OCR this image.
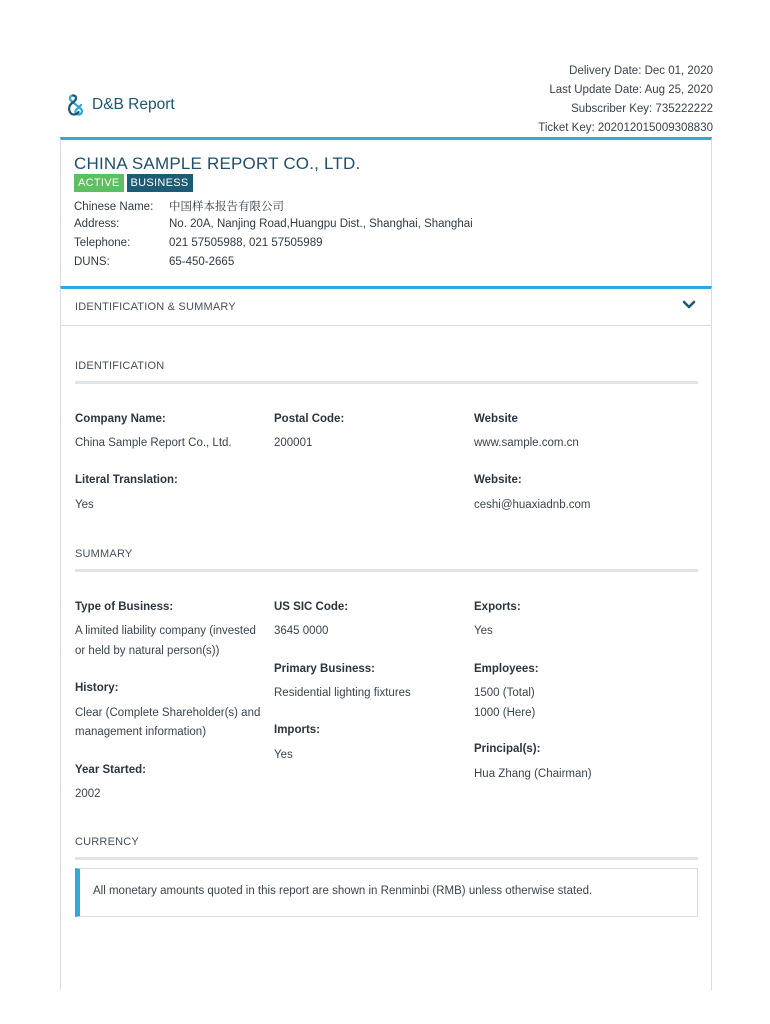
Delivery Date: Dec 01, 2020
Last Update Date: Aug 25, 2020
Subscriber Key: 735222222
Ticket Key: 202012015009308830
D&B Report
CHINA SAMPLE REPORT CO., LTD.
ACTIVE	BUSINESS
Chinese Name: 中国样本报告有限公司
Address:	No. 20A, Nanjing Road,Huangpu Dist., Shanghai, Shanghai
Telephone:	021 57505988, 021 57505989
DUNS:	65-450-2665
IDENTIFICATION & SUMMARY
IDENTIFICATION
Company Name:
China Sample Report Co., Ltd.
Postal Code:
200001
Website
www.sample.com.cn
Literal Translation:
Yes
Website:
ceshi@huaxiadnb.com
SUMMARY
Type of Business:
A limited liability company (invested
or held by natural person(s))
History:
Clear (Complete Shareholder(s) and
management information)
Year Started:
2002
US SIC Code:
3645 0000
Primary Business:
Residential lighting fixtures
Imports:
Yes
Exports:
Yes
Employees:
1500 (Total)
1000 (Here)
Principal(s):
Hua Zhang (Chairman)
CURRENCY
All monetary amounts quoted in this report are shown in Renminbi (RMB) unless otherwise stated.
